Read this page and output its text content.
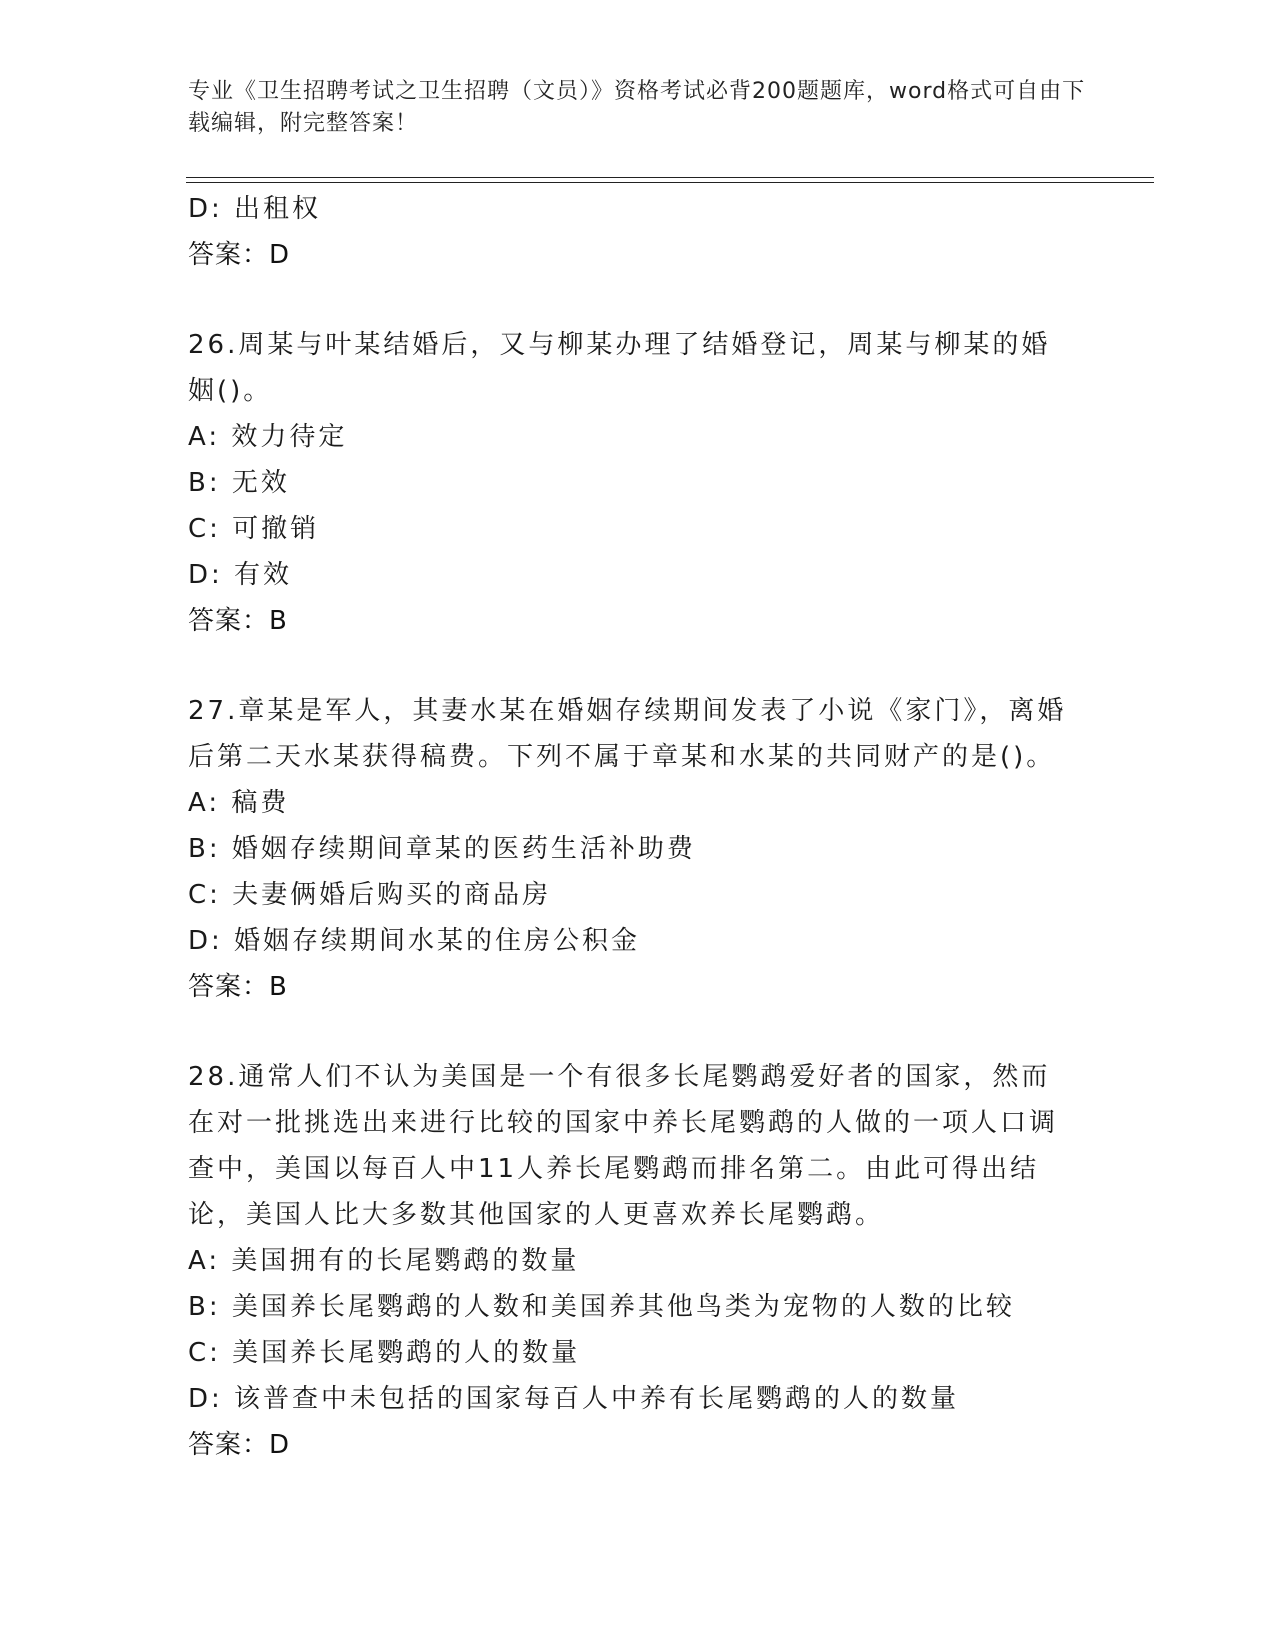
专业《卫生招聘考试之卫生招聘（文员）》资格考试必背200题题库，word格式可自由下载编辑，附完整答案！
D: 出租权
答案：D
26.周某与叶某结婚后，又与柳某办理了结婚登记，周某与柳某的婚姻()。
A: 效力待定
B: 无效
C: 可撤销
D: 有效
答案：B
27.章某是军人，其妻水某在婚姻存续期间发表了小说《家门》，离婚后第二天水某获得稿费。下列不属于章某和水某的共同财产的是()。
A: 稿费
B: 婚姻存续期间章某的医药生活补助费
C: 夫妻俩婚后购买的商品房
D: 婚姻存续期间水某的住房公积金
答案：B
28.通常人们不认为美国是一个有很多长尾鹦鹉爱好者的国家，然而在对一批挑选出来进行比较的国家中养长尾鹦鹉的人做的一项人口调查中，美国以每百人中11人养长尾鹦鹉而排名第二。由此可得出结论，美国人比大多数其他国家的人更喜欢养长尾鹦鹉。
A: 美国拥有的长尾鹦鹉的数量
B: 美国养长尾鹦鹉的人数和美国养其他鸟类为宠物的人数的比较
C: 美国养长尾鹦鹉的人的数量
D: 该普查中未包括的国家每百人中养有长尾鹦鹉的人的数量
答案：D
